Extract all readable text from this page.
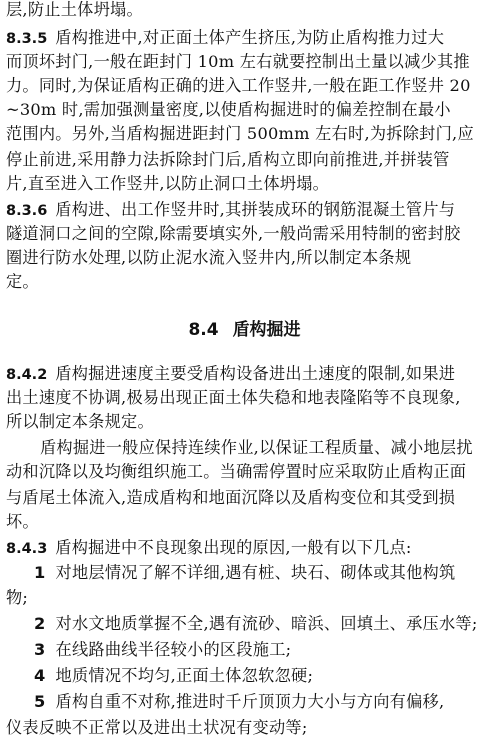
层,防止土体坍塌。
8.3.5 盾构推进中,对正面土体产生挤压,为防止盾构推力过大
而顶坏封门,一般在距封门 10m 左右就要控制出土量以减少其推
力。同时,为保证盾构正确的进入工作竖井,一般在距工作竖井 20
~30m 时,需加强测量密度,以使盾构掘进时的偏差控制在最小
范围内。另外,当盾构掘进距封门 500mm 左右时,为拆除封门,应
停止前进,采用静力法拆除封门后,盾构立即向前推进,并拼装管
片,直至进入工作竖井,以防止洞口土体坍塌。
8.3.6 盾构进、出工作竖井时,其拼装成环的钢筋混凝土管片与
隧道洞口之间的空隙,除需要填实外,一般尚需采用特制的密封胶
圈进行防水处理,以防止泥水流入竖井内,所以制定本条规
定。
8.4 盾构掘进
8.4.2 盾构掘进速度主要受盾构设备进出土速度的限制,如果进
出土速度不协调,极易出现正面土体失稳和地表隆陷等不良现象,
所以制定本条规定。
盾构掘进一般应保持连续作业,以保证工程质量、减小地层扰
动和沉降以及均衡组织施工。当确需停置时应采取防止盾构正面
与盾尾土体流入,造成盾构和地面沉降以及盾构变位和其受到损
坏。
8.4.3 盾构掘进中不良现象出现的原因,一般有以下几点:
1 对地层情况了解不详细,遇有桩、块石、砌体或其他构筑
物;
2 对水文地质掌握不全,遇有流砂、暗浜、回填土、承压水等;
3 在线路曲线半径较小的区段施工;
4 地质情况不均匀,正面土体忽软忽硬;
5 盾构自重不对称,推进时千斤顶顶力大小与方向有偏移,
仪表反映不正常以及进出土状况有变动等;
